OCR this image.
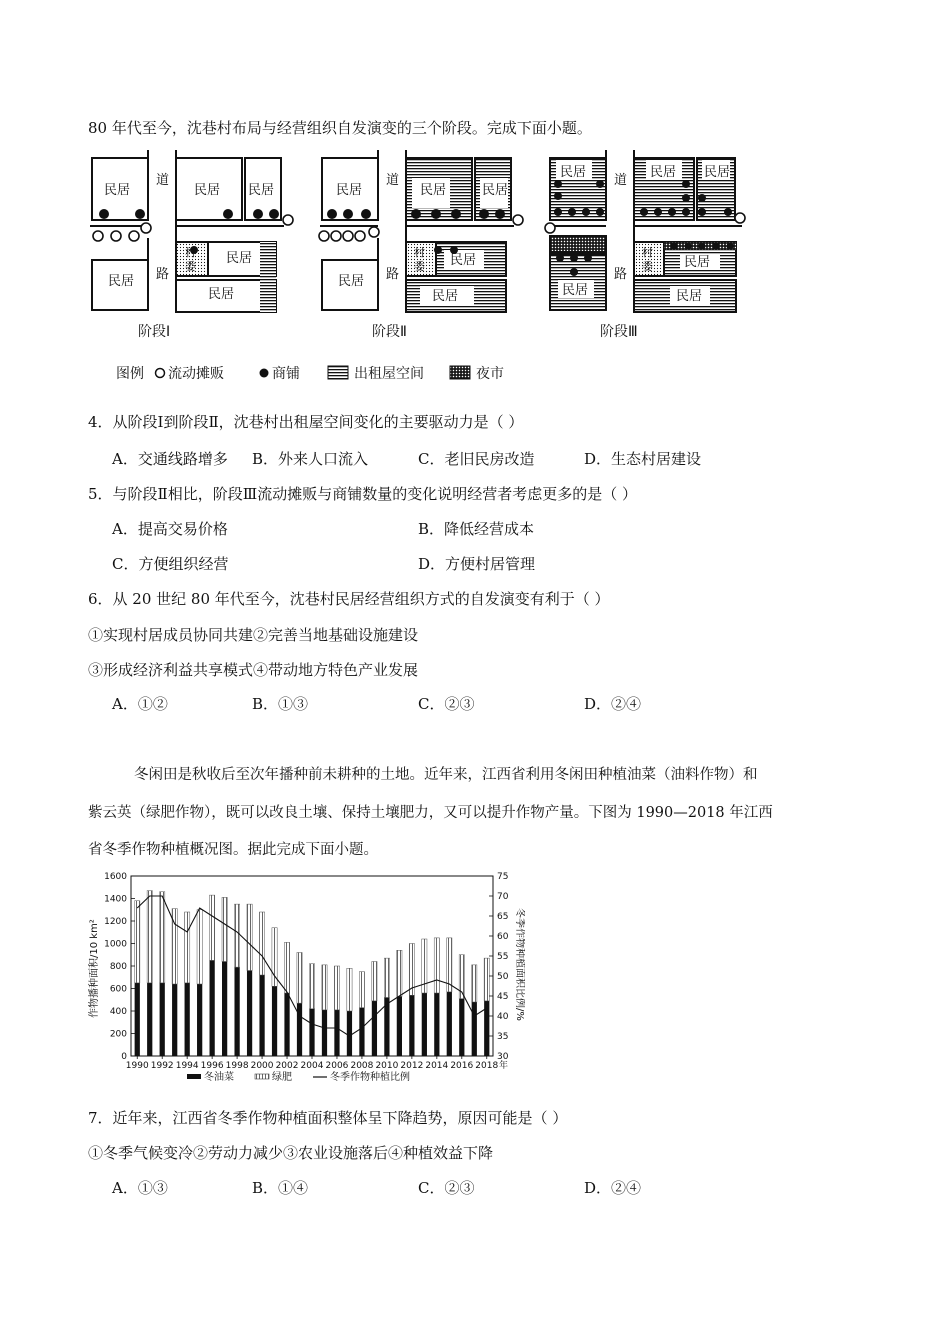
80 年代至今，沈巷村布局与经营组织自发演变的三个阶段。完成下面小题。
民居	民居 民居
道
路
民居
村
委
民居
民居
民居	民居	民居
道
路
民居
村
委 民居
民居
民居	民居 民居
道
路
村
委 民居
民居	民居
阶段Ⅰ	阶段Ⅱ	阶段Ⅲ
图例 流动摊贩	商铺	出租屋空间	夜市
4．从阶段Ⅰ到阶段Ⅱ，沈巷村出租屋空间变化的主要驱动力是（ ）
A．交通线路增多 B．外来人口流入	C．老旧民房改造	D．生态村居建设
5．与阶段Ⅱ相比，阶段Ⅲ流动摊贩与商铺数量的变化说明经营者考虑更多的是（ ）
A．提高交易价格	B．降低经营成本
C．方便组织经营	D．方便村居管理
6．从 20 世纪 80 年代至今，沈巷村民居经营组织方式的自发演变有利于（ ）
①实现村居成员协同共建②完善当地基础设施建设
③形成经济利益共享模式④带动地方特色产业发展
A．①②	B．①③	C．②③	D．②④
冬闲田是秋收后至次年播种前未耕种的土地。近年来，江西省利用冬闲田种植油菜（油料作物）和
紫云英（绿肥作物），既可以改良土壤、保持土壤肥力，又可以提升作物产量。下图为 1990—2018 年江西
省冬季作物种植概况图。据此完成下面小题。
0
200
400
600
800
1000
1200
1400
1600
30
35
40
45
50
55
60
65
70
75
1990 1992 1994 1996 1998 2000 2002 2004 2006 2008 2010 2012 2014 2016 2018 年
作物播种面积/10 km²	冬季作物种植面积比例/%
冬油菜	绿肥	冬季作物种植比例
7．近年来，江西省冬季作物种植面积整体呈下降趋势，原因可能是（ ）
①冬季气候变冷②劳动力减少③农业设施落后④种植效益下降
A．①③	B．①④	C．②③	D．②④
